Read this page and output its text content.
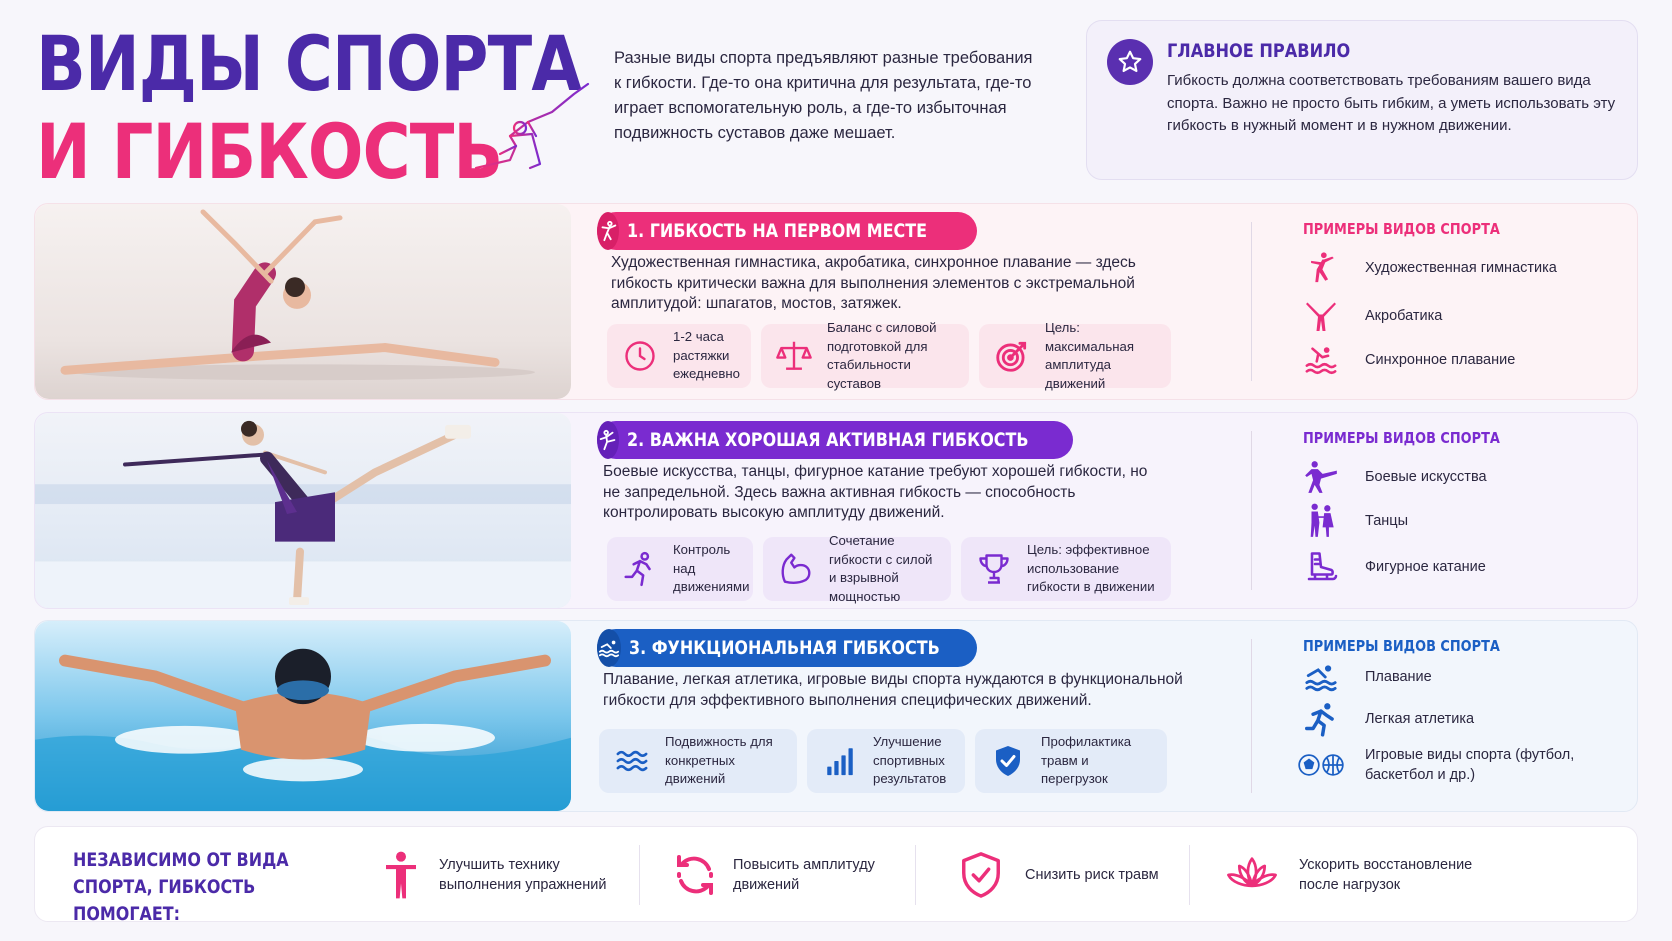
ВИДЫ СПОРТА
И ГИБКОСТЬ
Разные виды спорта предъявляют разные требования к гибкости. Где-то она критична для результата, где-то играет вспомогательную роль, а где-то избыточная подвижность суставов даже мешает.
ГЛАВНОЕ ПРАВИЛО
Гибкость должна соответствовать требованиям вашего вида спорта. Важно не просто быть гибким, а уметь использовать эту гибкость в нужный момент и в нужном движении.
1. ГИБКОСТЬ НА ПЕРВОМ МЕСТЕ
Художественная гимнастика, акробатика, синхронное плавание — здесь гибкость критически важна для выполнения элементов с экстремальной амплитудой: шпагатов, мостов, затяжек.
1-2 часа растяжки ежедневно
Баланс с силовой подготовкой для стабильности суставов
Цель: максимальная амплитуда движений
ПРИМЕРЫ ВИДОВ СПОРТА
Художественная гимнастика
Акробатика
Синхронное плавание
2. ВАЖНА ХОРОШАЯ АКТИВНАЯ ГИБКОСТЬ
Боевые искусства, танцы, фигурное катание требуют хорошей гибкости, но не запредельной. Здесь важна активная гибкость — способность контролировать высокую амплитуду движений.
Контроль над движениями
Сочетание гибкости с силой и взрывной мощностью
Цель: эффективное использование гибкости в движении
ПРИМЕРЫ ВИДОВ СПОРТА
Боевые искусства
Танцы
Фигурное катание
3. ФУНКЦИОНАЛЬНАЯ ГИБКОСТЬ
Плавание, легкая атлетика, игровые виды спорта нуждаются в функциональной гибкости для эффективного выполнения специфических движений.
Подвижность для конкретных движений
Улучшение спортивных результатов
Профилактика травм и перегрузок
ПРИМЕРЫ ВИДОВ СПОРТА
Плавание
Легкая атлетика
Игровые виды спорта (футбол, баскетбол и др.)
НЕЗАВИСИМО ОТ ВИДА СПОРТА, ГИБКОСТЬ ПОМОГАЕТ:
Улучшить технику выполнения упражнений
Повысить амплитуду движений
Снизить риск травм
Ускорить восстановление после нагрузок
